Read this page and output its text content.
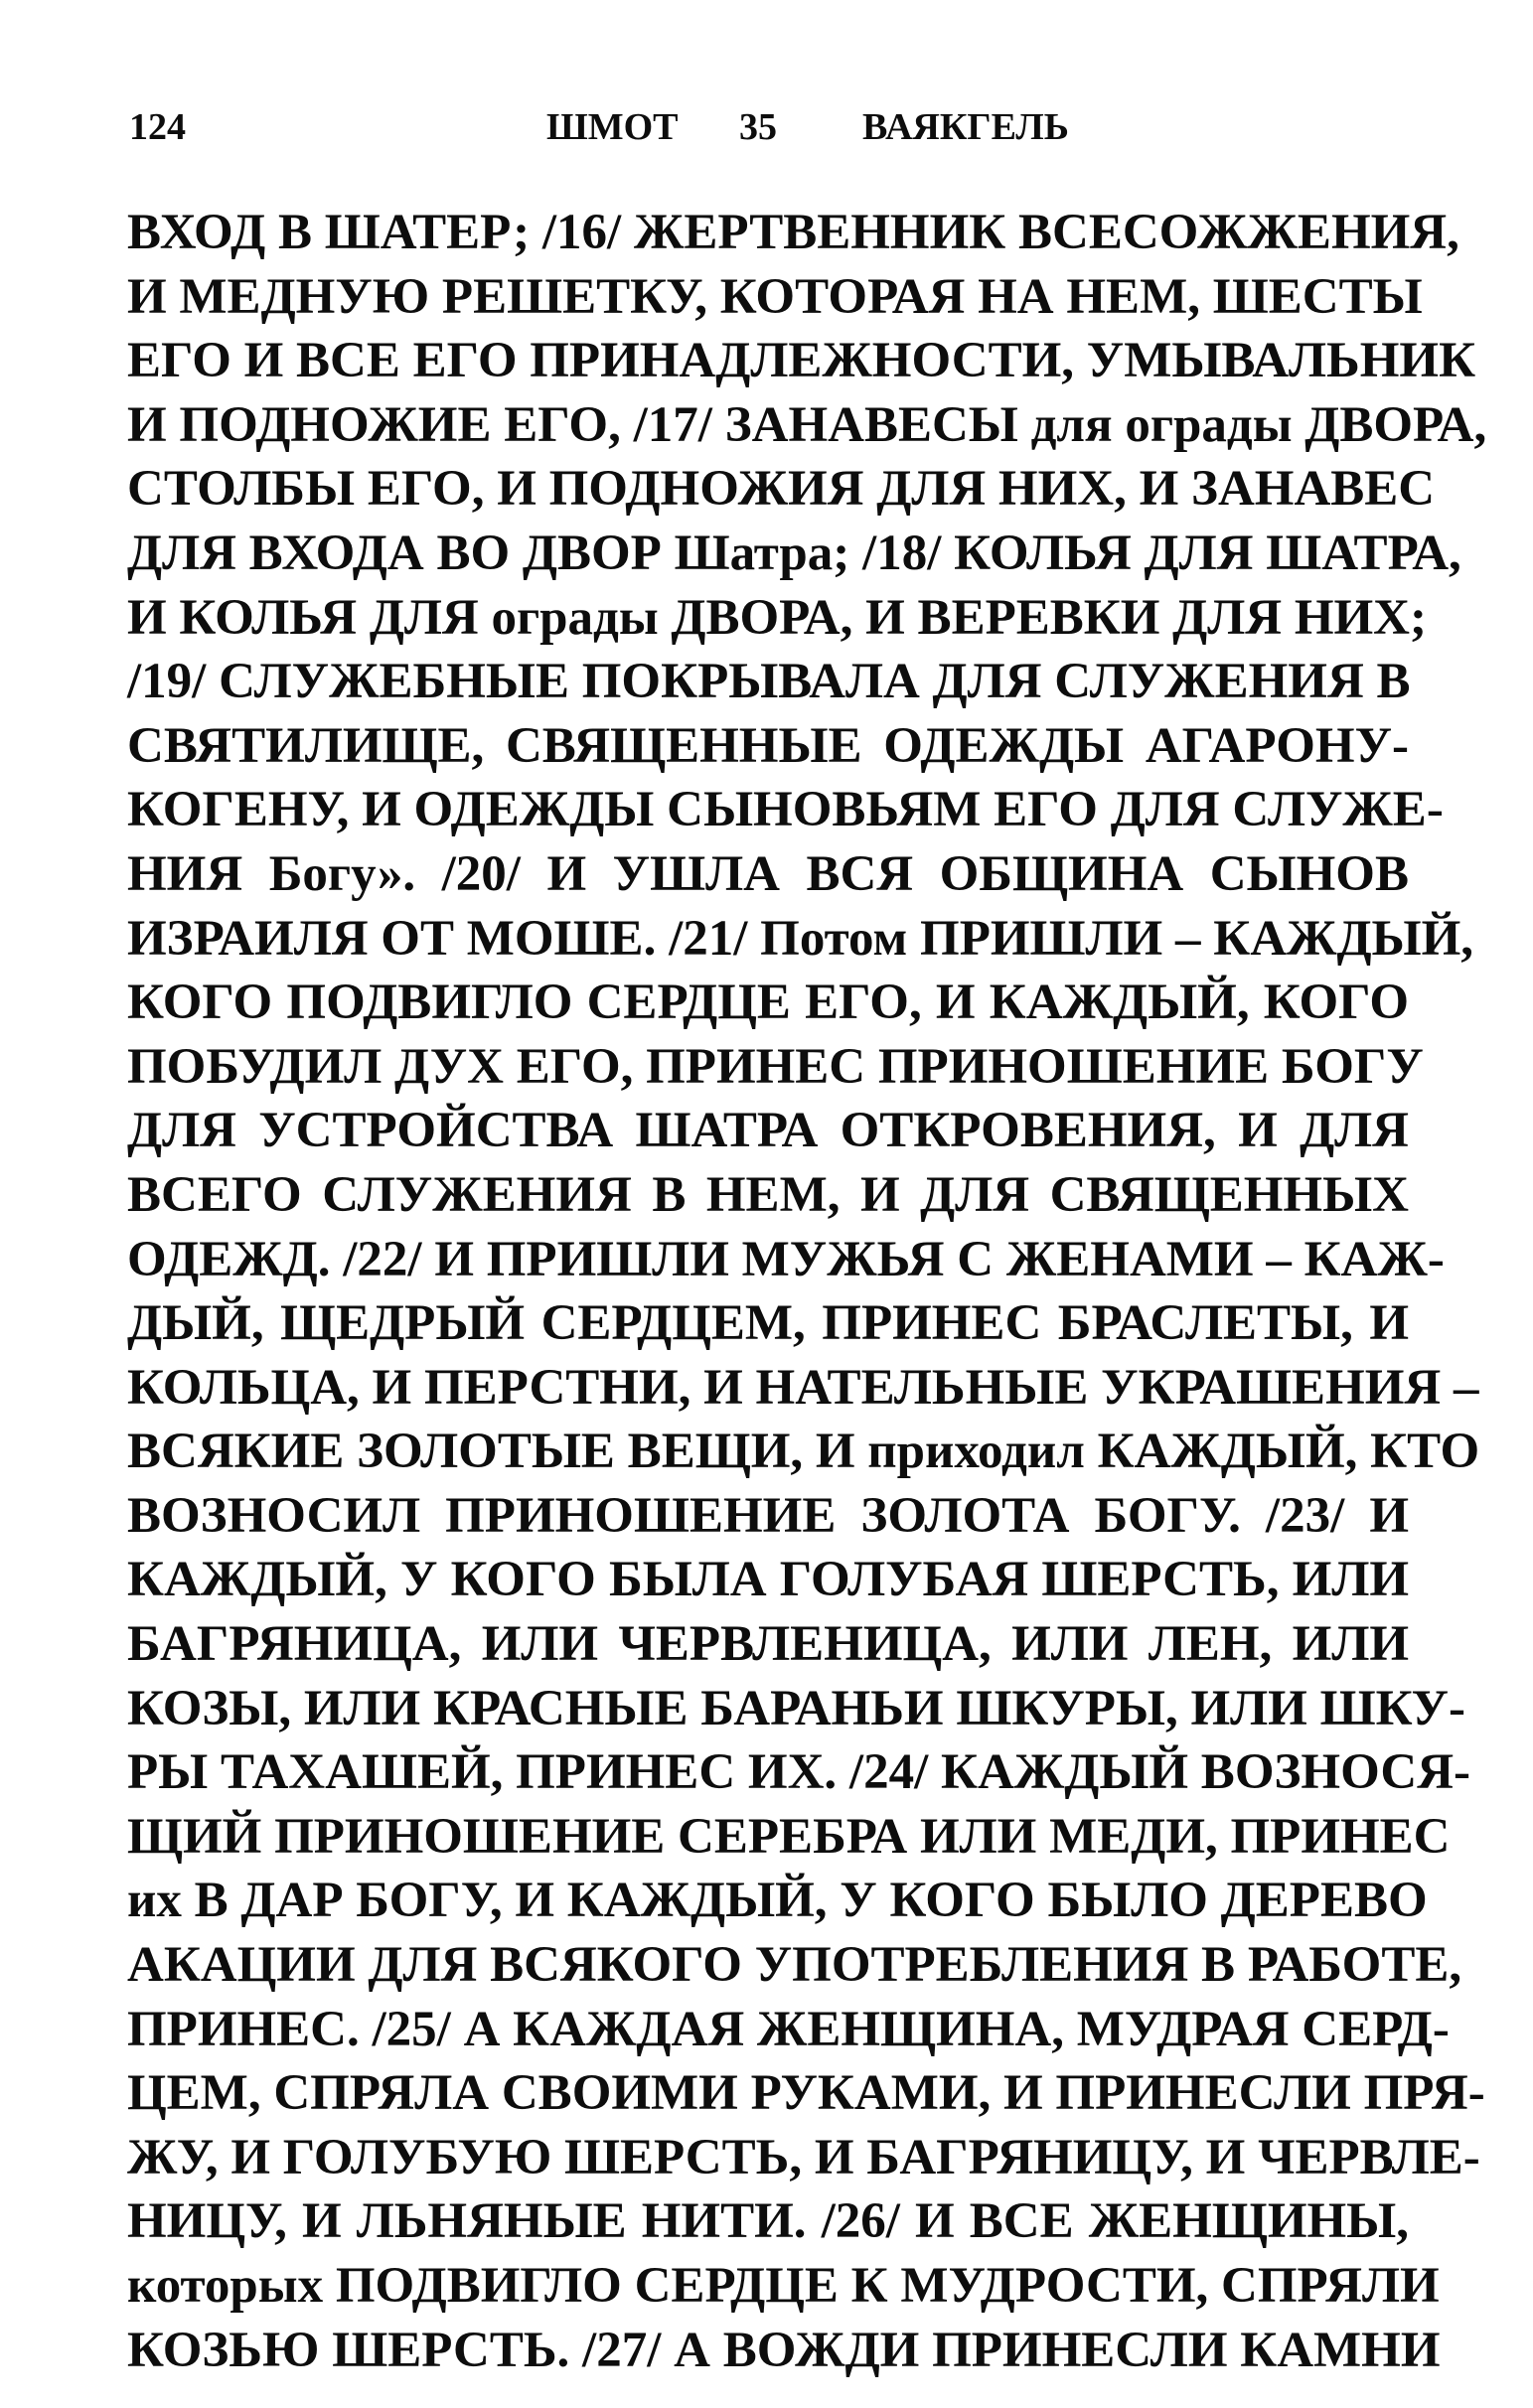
124	ШМОТ 35 ВАЯКГЕЛЬ
ВХОД В ШАТЕР; /16/ ЖЕРТВЕННИК ВСЕСОЖЖЕНИЯ,
И МЕДНУЮ РЕШЕТКУ, КОТОРАЯ НА НЕМ, ШЕСТЫ
ЕГО И ВСЕ ЕГО ПРИНАДЛЕЖНОСТИ, УМЫВАЛЬНИК
И ПОДНОЖИЕ ЕГО, /17/ ЗАНАВЕСЫ для ограды ДВОРА,
СТОЛБЫ ЕГО, И ПОДНОЖИЯ ДЛЯ НИХ, И ЗАНАВЕС
ДЛЯ ВХОДА ВО ДВОР Шатра; /18/ КОЛЬЯ ДЛЯ ШАТРА,
И КОЛЬЯ ДЛЯ ограды ДВОРА, И ВЕРЕВКИ ДЛЯ НИХ;
/19/ СЛУЖЕБНЫЕ ПОКРЫВАЛА ДЛЯ СЛУЖЕНИЯ В
СВЯТИЛИЩЕ, СВЯЩЕННЫЕ ОДЕЖДЫ АГАРОНУ-
КОГЕНУ, И ОДЕЖДЫ СЫНОВЬЯМ ЕГО ДЛЯ СЛУЖЕ-
НИЯ Богу». /20/ И УШЛА ВСЯ ОБЩИНА СЫНОВ
ИЗРАИЛЯ ОТ МОШЕ. /21/ Потом ПРИШЛИ – КАЖДЫЙ,
КОГО ПОДВИГЛО СЕРДЦЕ ЕГО, И КАЖДЫЙ, КОГО
ПОБУДИЛ ДУХ ЕГО, ПРИНЕС ПРИНОШЕНИЕ БОГУ
ДЛЯ УСТРОЙСТВА ШАТРА ОТКРОВЕНИЯ, И ДЛЯ
ВСЕГО СЛУЖЕНИЯ В НЕМ, И ДЛЯ СВЯЩЕННЫХ
ОДЕЖД. /22/ И ПРИШЛИ МУЖЬЯ С ЖЕНАМИ – КАЖ-
ДЫЙ, ЩЕДРЫЙ СЕРДЦЕМ, ПРИНЕС БРАСЛЕТЫ, И
КОЛЬЦА, И ПЕРСТНИ, И НАТЕЛЬНЫЕ УКРАШЕНИЯ –
ВСЯКИЕ ЗОЛОТЫЕ ВЕЩИ, И приходил КАЖДЫЙ, КТО
ВОЗНОСИЛ ПРИНОШЕНИЕ ЗОЛОТА БОГУ. /23/ И
КАЖДЫЙ, У КОГО БЫЛА ГОЛУБАЯ ШЕРСТЬ, ИЛИ
БАГРЯНИЦА, ИЛИ ЧЕРВЛЕНИЦА, ИЛИ ЛЕН, ИЛИ
КОЗЫ, ИЛИ КРАСНЫЕ БАРАНЬИ ШКУРЫ, ИЛИ ШКУ-
РЫ ТАХАШЕЙ, ПРИНЕС ИХ. /24/ КАЖДЫЙ ВОЗНОСЯ-
ЩИЙ ПРИНОШЕНИЕ СЕРЕБРА ИЛИ МЕДИ, ПРИНЕС
их В ДАР БОГУ, И КАЖДЫЙ, У КОГО БЫЛО ДЕРЕВО
АКАЦИИ ДЛЯ ВСЯКОГО УПОТРЕБЛЕНИЯ В РАБОТЕ,
ПРИНЕС. /25/ А КАЖДАЯ ЖЕНЩИНА, МУДРАЯ СЕРД-
ЦЕМ, СПРЯЛА СВОИМИ РУКАМИ, И ПРИНЕСЛИ ПРЯ-
ЖУ, И ГОЛУБУЮ ШЕРСТЬ, И БАГРЯНИЦУ, И ЧЕРВЛЕ-
НИЦУ, И ЛЬНЯНЫЕ НИТИ. /26/ И ВСЕ ЖЕНЩИНЫ,
которых ПОДВИГЛО СЕРДЦЕ К МУДРОСТИ, СПРЯЛИ
КОЗЬЮ ШЕРСТЬ. /27/ А ВОЖДИ ПРИНЕСЛИ КАМНИ
